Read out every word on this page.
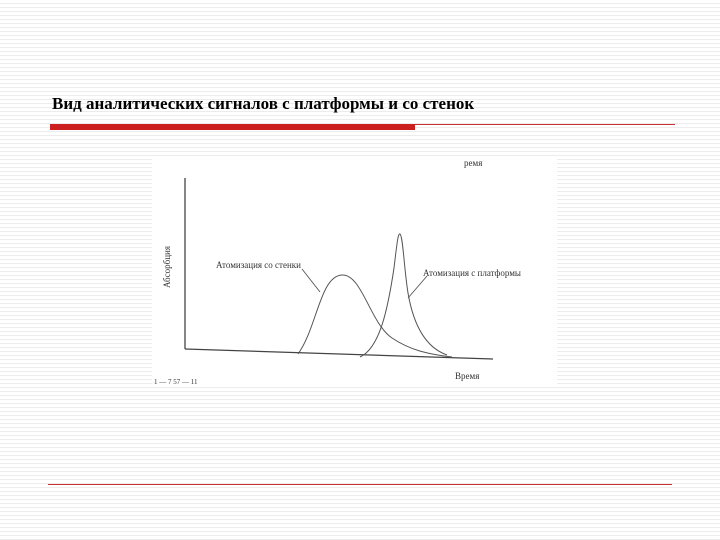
Вид аналитических сигналов с платформы и со стенок
ремя
Абсорбция	Атомизация со стенки
Атомизация с платформы
Время
1 — 7 57 — 11
